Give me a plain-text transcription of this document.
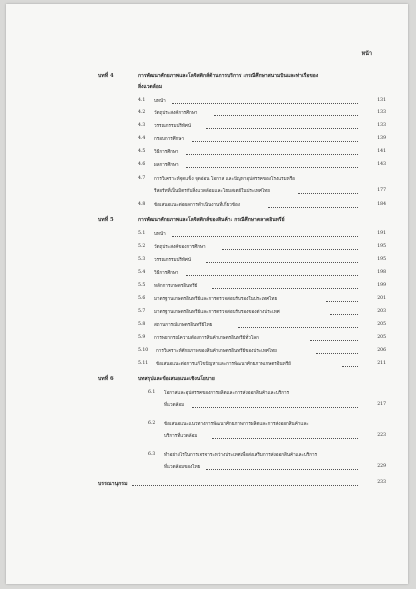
หน้า
บทที่ 4	การพัฒนาศักยภาพและโลจิสติกส์ด้านการบริการ :กรณีศึกษาสนามบินและท่าเรือของ
สิ่งแวดล้อม
4.1 บทนำ	131
4.2 วัตถุประสงค์การศึกษา	133
4.3 วรรณกรรมปริทัศน์	133
4.4 กรอบการศึกษา	139
4.5 วิธีการศึกษา	141
4.6 ผลการศึกษา	143
4.7 การวิเคราะห์จุดแข็ง จุดอ่อน โอกาส และปัญหาอุปสรรคของโรงแรมหรือ
รีสอร์ทที่เป็นมิตรกับสิ่งแวดล้อมและโฮมสเตย์ในประเทศไทย	177
4.8 ข้อเสนอแนะต่อผลการดำเนินงานที่เกี่ยวข้อง	184
บทที่ 5	การพัฒนาศักยภาพและโลจิสติกส์ของสินค้า: กรณีศึกษาตลาดอินทรีย์
5.1 บทนำ	191
5.2 วัตถุประสงค์ของการศึกษา	195
5.3 วรรณกรรมปริทัศน์	195
5.4 วิธีการศึกษา	198
5.5 หลักการเกษตรอินทรีย์	199
5.6 มาตรฐานเกษตรอินทรีย์และการตรวจสอบรับรองในประเทศไทย	201
5.7 มาตรฐานเกษตรอินทรีย์และการตรวจสอบรับรองของต่างประเทศ	203
5.8 สถานการณ์เกษตรอินทรีย์ไทย	205
5.9 การพยากรณ์ความต้องการสินค้าเกษตรอินทรีย์ทั่วโลก	205
5.10 การวิเคราะห์ศักยภาพของสินค้าเกษตรอินทรีย์ของประเทศไทย	206
5.11 ข้อเสนอแนะต่อการแก้ไขปัญหาและการพัฒนาศักยภาพเกษตรอินทรีย์	211
บทที่ 6	บทสรุปและข้อเสนอแนะเชิงนโยบาย
6.1 โอกาสและอุปสรรคของการผลิตและการส่งออกสินค้าและบริการ
ที่แวดล้อม	217
6.2 ข้อเสนอแนะแนวทางการพัฒนาศักยภาพการผลิตและการส่งออกสินค้าและ
บริการที่แวดล้อม	223
6.3 ทำอย่างไรในการเจรจาระหว่างประเทศเพื่อส่งเสริมการส่งออกสินค้าและบริการ
ที่แวดล้อมของไทย	229
บรรณานุกรม	233
